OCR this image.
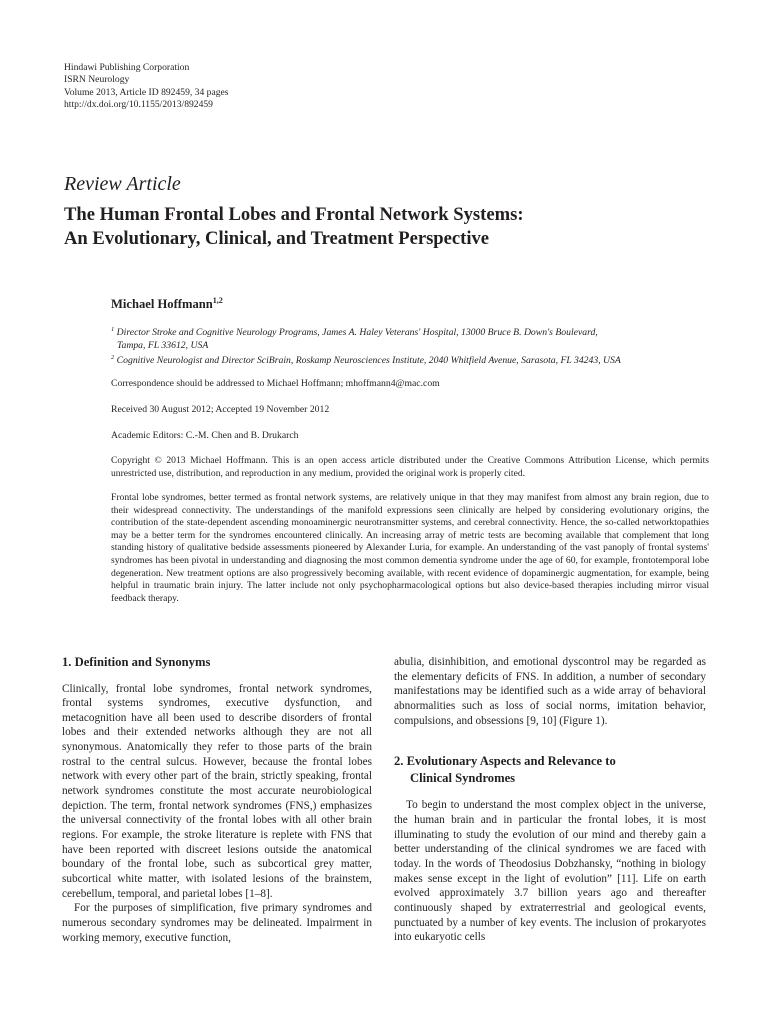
Hindawi Publishing Corporation
ISRN Neurology
Volume 2013, Article ID 892459, 34 pages
http://dx.doi.org/10.1155/2013/892459
Review Article
The Human Frontal Lobes and Frontal Network Systems:
An Evolutionary, Clinical, and Treatment Perspective
Michael Hoffmann$^{1,2}$
$^1$ Director Stroke and Cognitive Neurology Programs, James A. Haley Veterans' Hospital, 13000 Bruce B. Down's Boulevard,
Tampa, FL 33612, USA
$^2$ Cognitive Neurologist and Director SciBrain, Roskamp Neurosciences Institute, 2040 Whitfield Avenue, Sarasota, FL 34243, USA
Correspondence should be addressed to Michael Hoffmann; mhoffmann4@mac.com
Received 30 August 2012; Accepted 19 November 2012
Academic Editors: C.-M. Chen and B. Drukarch
Copyright © 2013 Michael Hoffmann. This is an open access article distributed under the Creative Commons Attribution License, which permits unrestricted use, distribution, and reproduction in any medium, provided the original work is properly cited.
Frontal lobe syndromes, better termed as frontal network systems, are relatively unique in that they may manifest from almost any brain region, due to their widespread connectivity. The understandings of the manifold expressions seen clinically are helped by considering evolutionary origins, the contribution of the state-dependent ascending monoaminergic neurotransmitter systems, and cerebral connectivity. Hence, the so-called networktopathies may be a better term for the syndromes encountered clinically. An increasing array of metric tests are becoming available that complement that long standing history of qualitative bedside assessments pioneered by Alexander Luria, for example. An understanding of the vast panoply of frontal systems' syndromes has been pivotal in understanding and diagnosing the most common dementia syndrome under the age of 60, for example, frontotemporal lobe degeneration. New treatment options are also progressively becoming available, with recent evidence of dopaminergic augmentation, for example, being helpful in traumatic brain injury. The latter include not only psychopharmacological options but also device-based therapies including mirror visual feedback therapy.
1. Definition and Synonyms

Clinically, frontal lobe syndromes, frontal network syndromes, frontal systems syndromes, executive dysfunction, and metacognition have all been used to describe disorders of frontal lobes and their extended networks although they are not all synonymous. Anatomically they refer to those parts of the brain rostral to the central sulcus. However, because the frontal lobes network with every other part of the brain, strictly speaking, frontal network syndromes constitute the most accurate neurobiological depiction. The term, frontal network syndromes (FNS,) emphasizes the universal connectivity of the frontal lobes with all other brain regions. For example, the stroke literature is replete with FNS that have been reported with discreet lesions outside the anatomical boundary of the frontal lobe, such as subcortical grey matter, subcortical white matter, with isolated lesions of the brainstem, cerebellum, temporal, and parietal lobes [1–8].

For the purposes of simplification, five primary syndromes and numerous secondary syndromes may be delineated. Impairment in working memory, executive function,

abulia, disinhibition, and emotional dyscontrol may be regarded as the elementary deficits of FNS. In addition, a number of secondary manifestations may be identified such as a wide array of behavioral abnormalities such as loss of social norms, imitation behavior, compulsions, and obsessions [9, 10] (Figure 1).

2. Evolutionary Aspects and Relevance to
Clinical Syndromes

To begin to understand the most complex object in the universe, the human brain and in particular the frontal lobes, it is most illuminating to study the evolution of our mind and thereby gain a better understanding of the clinical syndromes we are faced with today. In the words of Theodosius Dobzhansky, “nothing in biology makes sense except in the light of evolution” [11]. Life on earth evolved approximately 3.7 billion years ago and thereafter continuously shaped by extraterrestrial and geological events, punctuated by a number of key events. The inclusion of prokaryotes into eukaryotic cells
